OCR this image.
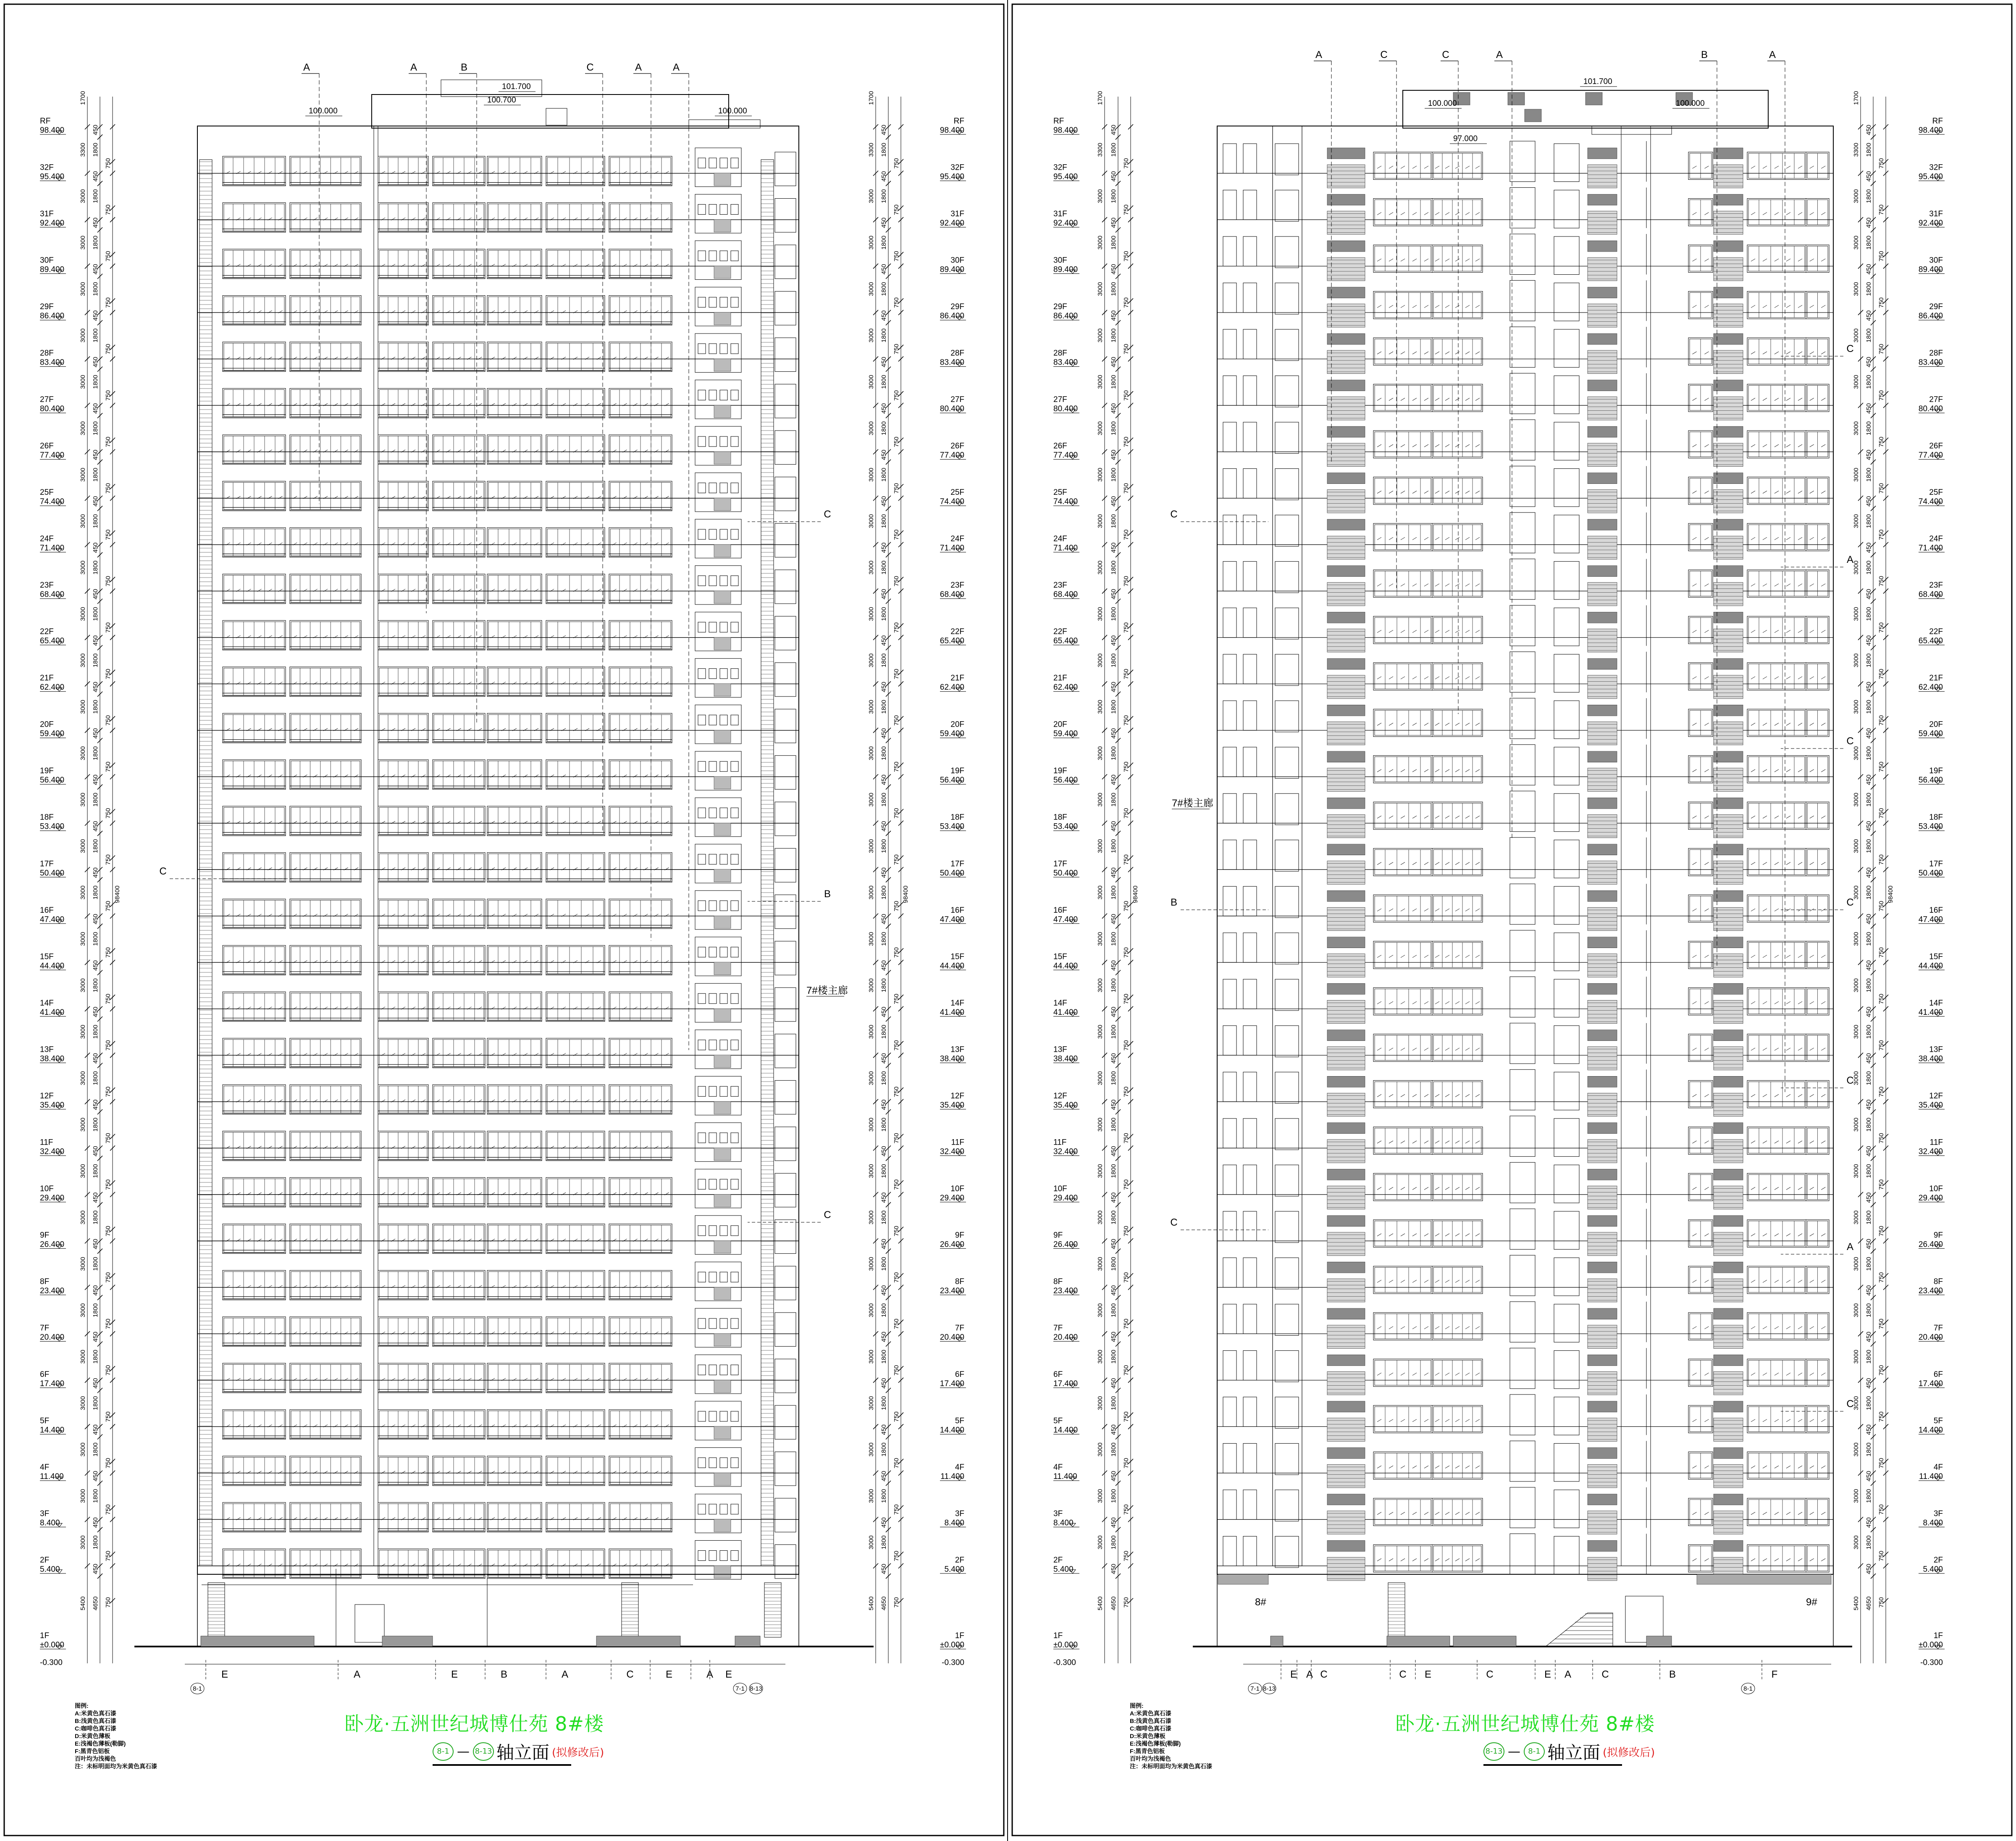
RF
98.400
32F
95.400
31F
92.400
30F
89.400
29F
86.400
28F
83.400
27F
80.400
26F
77.400
25F
74.400
24F
71.400
23F
68.400
22F
65.400
21F
62.400
20F
59.400
19F
56.400
18F
53.400
17F
50.400
16F
47.400
15F
44.400
14F
41.400
13F
38.400
12F
35.400
11F
32.400
10F
29.400
9F
26.400
8F
23.400
7F
20.400
6F
17.400
5F
14.400
4F
11.400
3F
8.400
2F
5.400
1F
±0.000
-0.300
3300
3000
3000
3000
3000
3000
3000
3000
3000
3000
3000
3000
3000
3000
3000
3000
3000
3000
3000
3000
3000
3000
3000
3000
3000
3000
3000
3000
3000
3000
3000
5400
1800
450
1800
450
1800
450
1800
450
1800
450
1800
450
1800
450
1800
450
1800
450
1800
450
1800
450
1800
450
1800
450
1800
450
1800
450
1800
450
1800
450
1800
450
1800
450
1800
450
1800
450
1800
450
1800
450
1800
450
1800
450
1800
450
1800
450
1800
450
1800
450
1800
450
1800
450
4650
450
750
750
750
750
750
750
750
750
750
750
750
750
750
750
750
750
750
750
750
750
750
750
750
750
750
750
750
750
750
750
750
750
98400
1700
RF
98.400
32F
95.400
31F
92.400
30F
89.400
29F
86.400
28F
83.400
27F
80.400
26F
77.400
25F
74.400
24F
71.400
23F
68.400
22F
65.400
21F
62.400
20F
59.400
19F
56.400
18F
53.400
17F
50.400
16F
47.400
15F
44.400
14F
41.400
13F
38.400
12F
35.400
11F
32.400
10F
29.400
9F
26.400
8F
23.400
7F
20.400
6F
17.400
5F
14.400
4F
11.400
3F
8.400
2F
5.400
1F
±0.000
-0.300
3300
3000
3000
3000
3000
3000
3000
3000
3000
3000
3000
3000
3000
3000
3000
3000
3000
3000
3000
3000
3000
3000
3000
3000
3000
3000
3000
3000
3000
3000
3000
5400
1800
450
1800
450
1800
450
1800
450
1800
450
1800
450
1800
450
1800
450
1800
450
1800
450
1800
450
1800
450
1800
450
1800
450
1800
450
1800
450
1800
450
1800
450
1800
450
1800
450
1800
450
1800
450
1800
450
1800
450
1800
450
1800
450
1800
450
1800
450
1800
450
1800
450
1800
450
4650
450
750
750
750
750
750
750
750
750
750
750
750
750
750
750
750
750
750
750
750
750
750
750
750
750
750
750
750
750
750
750
750
750
98400
1700
101.700
100.700
100.000	100.000
A	A	B	C	A	A
C
B
C
C
7#楼主廊
E	A	E	B	A	C	E	A E
8-1	7-1 8-13
图例:
A:米黄色真石漆
B:浅黄色真石漆
C:咖啡色真石漆
D:米黄色薄板
E:浅褐色薄板(勒脚)
F:黑青色铝板
百叶均为浅褐色
注：未标明面均为米黄色真石漆
卧龙·五洲世纪城博仕苑 8#楼
8-1 — 8-13 轴立面 (拟修改后)
RF
98.400
32F
95.400
31F
92.400
30F
89.400
29F
86.400
28F
83.400
27F
80.400
26F
77.400
25F
74.400
24F
71.400
23F
68.400
22F
65.400
21F
62.400
20F
59.400
19F
56.400
18F
53.400
17F
50.400
16F
47.400
15F
44.400
14F
41.400
13F
38.400
12F
35.400
11F
32.400
10F
29.400
9F
26.400
8F
23.400
7F
20.400
6F
17.400
5F
14.400
4F
11.400
3F
8.400
2F
5.400
1F
±0.000
-0.300
3300
3000
3000
3000
3000
3000
3000
3000
3000
3000
3000
3000
3000
3000
3000
3000
3000
3000
3000
3000
3000
3000
3000
3000
3000
3000
3000
3000
3000
3000
3000
5400
1800
450
1800
450
1800
450
1800
450
1800
450
1800
450
1800
450
1800
450
1800
450
1800
450
1800
450
1800
450
1800
450
1800
450
1800
450
1800
450
1800
450
1800
450
1800
450
1800
450
1800
450
1800
450
1800
450
1800
450
1800
450
1800
450
1800
450
1800
450
1800
450
1800
450
1800
450
4650
450
750
750
750
750
750
750
750
750
750
750
750
750
750
750
750
750
750
750
750
750
750
750
750
750
750
750
750
750
750
750
750
750
98400
1700
RF
98.400
32F
95.400
31F
92.400
30F
89.400
29F
86.400
28F
83.400
27F
80.400
26F
77.400
25F
74.400
24F
71.400
23F
68.400
22F
65.400
21F
62.400
20F
59.400
19F
56.400
18F
53.400
17F
50.400
16F
47.400
15F
44.400
14F
41.400
13F
38.400
12F
35.400
11F
32.400
10F
29.400
9F
26.400
8F
23.400
7F
20.400
6F
17.400
5F
14.400
4F
11.400
3F
8.400
2F
5.400
1F
±0.000
-0.300
3300
3000
3000
3000
3000
3000
3000
3000
3000
3000
3000
3000
3000
3000
3000
3000
3000
3000
3000
3000
3000
3000
3000
3000
3000
3000
3000
3000
3000
3000
3000
5400
1800
450
1800
450
1800
450
1800
450
1800
450
1800
450
1800
450
1800
450
1800
450
1800
450
1800
450
1800
450
1800
450
1800
450
1800
450
1800
450
1800
450
1800
450
1800
450
1800
450
1800
450
1800
450
1800
450
1800
450
1800
450
1800
450
1800
450
1800
450
1800
450
1800
450
1800
450
4650
450
750
750
750
750
750
750
750
750
750
750
750
750
750
750
750
750
750
750
750
750
750
750
750
750
750
750
750
750
750
750
750
750
98400
1700
101.700
100.000	100.000
97.000
A	C	C	A	B	A
C
B
C
C
A
C
C
C
A
C
7#楼主廊
8#	9#
E A C	C E	C	E A	C	B	F
7-1 8-13	8-1
图例:
A:米黄色真石漆
B:浅黄色真石漆
C:咖啡色真石漆
D:米黄色薄板
E:浅褐色薄板(勒脚)
F:黑青色铝板
百叶均为浅褐色
注：未标明面均为米黄色真石漆
卧龙·五洲世纪城博仕苑 8#楼
8-13 — 8-1 轴立面 (拟修改后)
